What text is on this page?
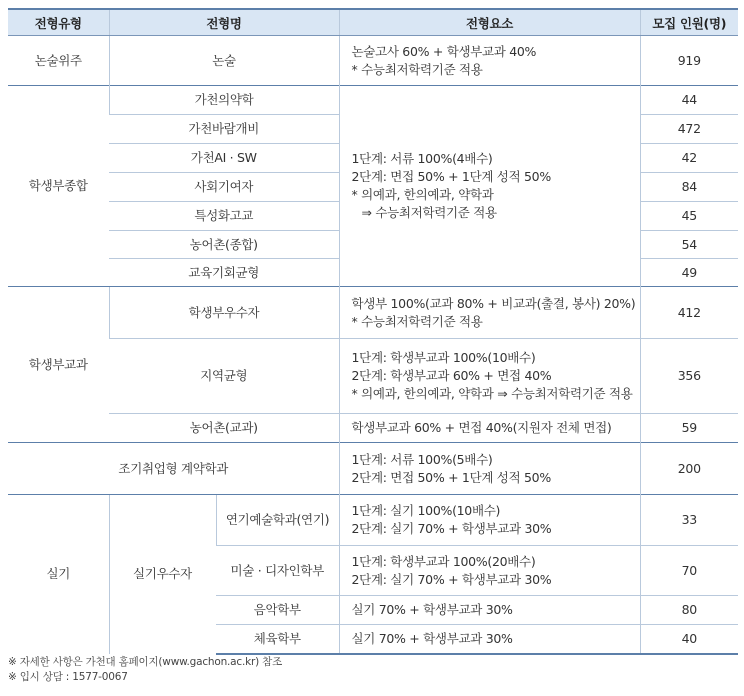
전형유형	전형명		전형요소	모집 인원(명)
논술위주	논술		논술고사 60% + 학생부교과 40%
* 수능최저학력기준 적용	919
학생부종합	가천의약학		1단계: 서류 100%(4배수)
2단계: 면접 50% + 1단계 성적 50%
* 의예과, 한의예과, 약학과
⇒ 수능최저학력기준 적용	44
	가천바람개비			472
	가천AI · SW			42
	사회기여자			84
	특성화고교			45
	농어촌(종합)			54
	교육기회균형			49
학생부교과	학생부우수자		학생부 100%(교과 80% + 비교과(출결, 봉사) 20%)
* 수능최저학력기준 적용	412
	지역균형		1단계: 학생부교과 100%(10배수)
2단계: 학생부교과 60% + 면접 40%
* 의예과, 한의예과, 약학과 ⇒ 수능최저학력기준 적용	356
	농어촌(교과)		학생부교과 60% + 면접 40%(지원자 전체 면접)	59
조기취업형 계약학과			1단계: 서류 100%(5배수)
2단계: 면접 50% + 1단계 성적 50%	200
실기	실기우수자	연기예술학과(연기)	1단계: 실기 100%(10배수)
2단계: 실기 70% + 학생부교과 30%	33
		미술 · 디자인학부	1단계: 학생부교과 100%(20배수)
2단계: 실기 70% + 학생부교과 30%	70
		음악학부	실기 70% + 학생부교과 30%	80
		체육학부	실기 70% + 학생부교과 30%	40
※ 자세한 사항은 가천대 홈페이지(www.gachon.ac.kr) 참조
※ 입시 상담 : 1577-0067
